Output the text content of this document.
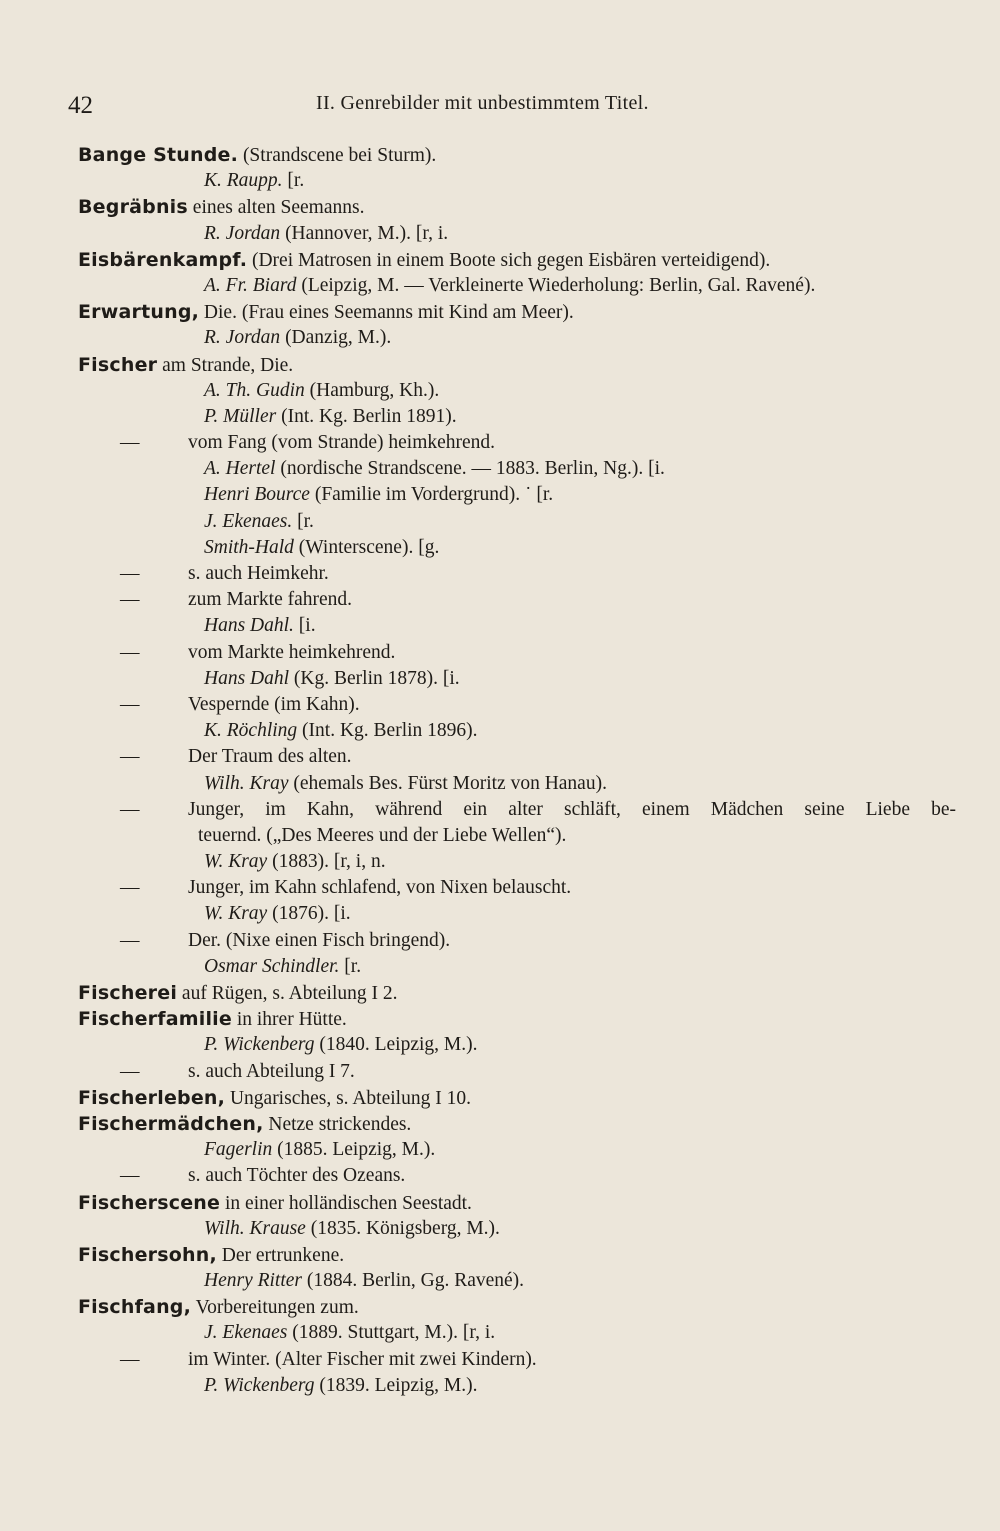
42	II. Genrebilder mit unbestimmtem Titel.
Bange Stunde. (Strandscene bei Sturm).
K. Raupp. [r.
Begräbnis eines alten Seemanns.
R. Jordan (Hannover, M.). [r, i.
Eisbärenkampf. (Drei Matrosen in einem Boote sich gegen Eisbären verteidigend).
A. Fr. Biard (Leipzig, M. — Verkleinerte Wiederholung: Berlin, Gal. Ravené).
Erwartung, Die. (Frau eines Seemanns mit Kind am Meer).
R. Jordan (Danzig, M.).
Fischer am Strande, Die.
A. Th. Gudin (Hamburg, Kh.).
P. Müller (Int. Kg. Berlin 1891).
— vom Fang (vom Strande) heimkehrend.
A. Hertel (nordische Strandscene. — 1883. Berlin, Ng.). [i.
Henri Bource (Familie im Vordergrund). ˙ [r.
J. Ekenaes. [r.
Smith-Hald (Winterscene). [g.
— s. auch Heimkehr.
— zum Markte fahrend.
Hans Dahl. [i.
— vom Markte heimkehrend.
Hans Dahl (Kg. Berlin 1878). [i.
— Vespernde (im Kahn).
K. Röchling (Int. Kg. Berlin 1896).
— Der Traum des alten.
Wilh. Kray (ehemals Bes. Fürst Moritz von Hanau).
— Junger, im Kahn, während ein alter schläft, einem Mädchen seine Liebe be-
teuernd. („Des Meeres und der Liebe Wellen“).
W. Kray (1883). [r, i, n.
— Junger, im Kahn schlafend, von Nixen belauscht.
W. Kray (1876). [i.
— Der. (Nixe einen Fisch bringend).
Osmar Schindler. [r.
Fischerei auf Rügen, s. Abteilung I 2.
Fischerfamilie in ihrer Hütte.
P. Wickenberg (1840. Leipzig, M.).
— s. auch Abteilung I 7.
Fischerleben, Ungarisches, s. Abteilung I 10.
Fischermädchen, Netze strickendes.
Fagerlin (1885. Leipzig, M.).
— s. auch Töchter des Ozeans.
Fischerscene in einer holländischen Seestadt.
Wilh. Krause (1835. Königsberg, M.).
Fischersohn, Der ertrunkene.
Henry Ritter (1884. Berlin, Gg. Ravené).
Fischfang, Vorbereitungen zum.
J. Ekenaes (1889. Stuttgart, M.). [r, i.
— im Winter. (Alter Fischer mit zwei Kindern).
P. Wickenberg (1839. Leipzig, M.).
